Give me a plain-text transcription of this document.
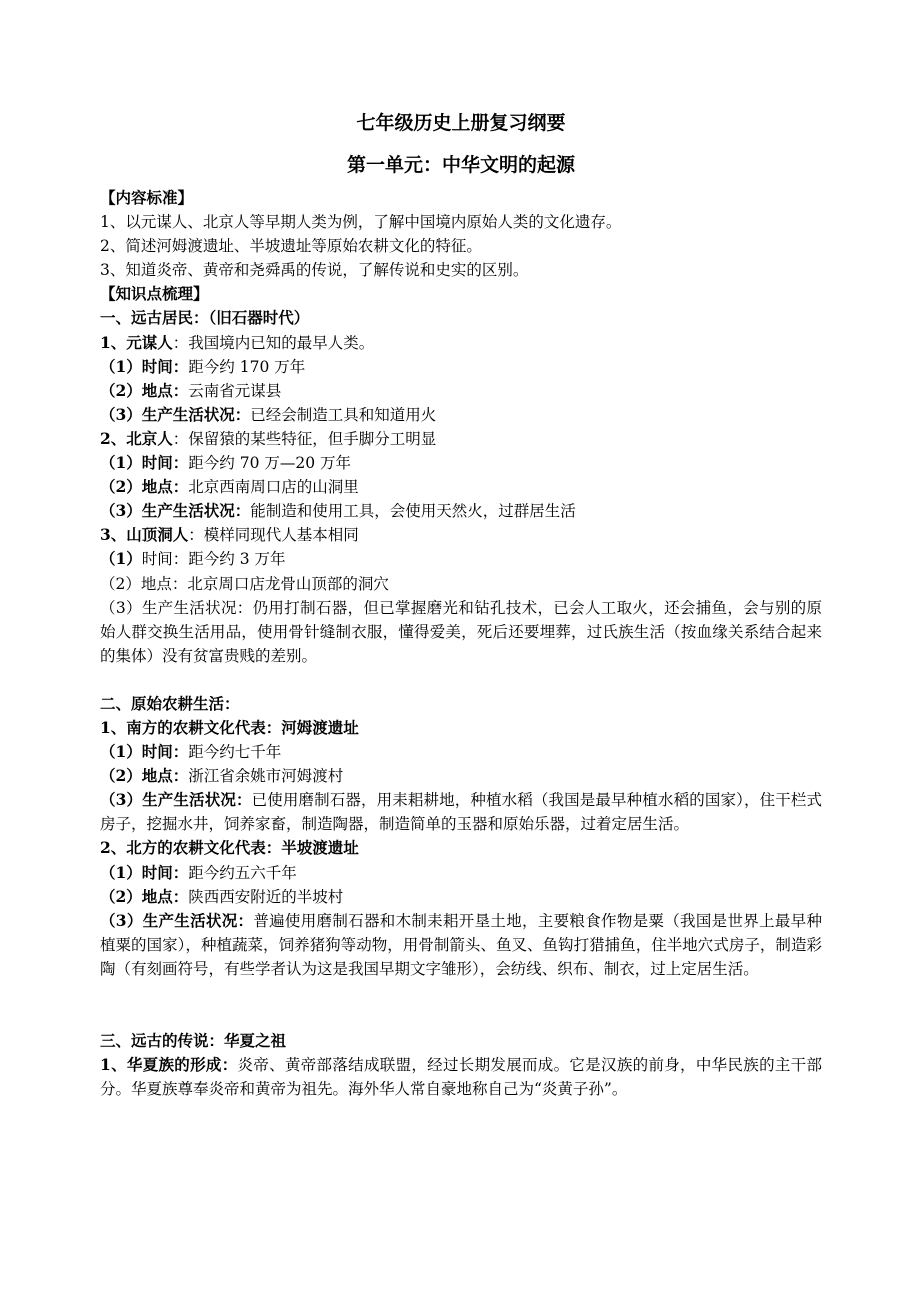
七年级历史上册复习纲要
第一单元：中华文明的起源

【内容标准】

1、以元谋人、北京人等早期人类为例，了解中国境内原始人类的文化遗存。

2、简述河姆渡遗址、半坡遗址等原始农耕文化的特征。

3、知道炎帝、黄帝和尧舜禹的传说，了解传说和史实的区别。

【知识点梳理】

一、远古居民：（旧石器时代）

1、元谋人：我国境内已知的最早人类。

（1）时间：距今约 170 万年

（2）地点：云南省元谋县

（3）生产生活状况：已经会制造工具和知道用火

2、北京人：保留猿的某些特征，但手脚分工明显

（1）时间：距今约 70 万—20 万年

（2）地点：北京西南周口店的山洞里

（3）生产生活状况：能制造和使用工具，会使用天然火，过群居生活

3、山顶洞人：模样同现代人基本相同

（1）时间：距今约 3 万年

（2）地点：北京周口店龙骨山顶部的洞穴

（3）生产生活状况：仍用打制石器，但已掌握磨光和钻孔技术，已会人工取火，还会捕鱼，会与别的原始人群交换生活用品，使用骨针缝制衣服，懂得爱美，死后还要埋葬，过氏族生活（按血缘关系结合起来的集体）没有贫富贵贱的差别。

二、原始农耕生活：

1、南方的农耕文化代表：河姆渡遗址

（1）时间：距今约七千年

（2）地点：浙江省余姚市河姆渡村

（3）生产生活状况：已使用磨制石器，用耒耜耕地，种植水稻（我国是最早种植水稻的国家），住干栏式房子，挖掘水井，饲养家畜，制造陶器，制造简单的玉器和原始乐器，过着定居生活。

2、北方的农耕文化代表：半坡渡遗址

（1）时间：距今约五六千年

（2）地点：陕西西安附近的半坡村

（3）生产生活状况：普遍使用磨制石器和木制耒耜开垦土地，主要粮食作物是粟（我国是世界上最早种植粟的国家），种植蔬菜，饲养猪狗等动物，用骨制箭头、鱼叉、鱼钩打猎捕鱼，住半地穴式房子，制造彩陶（有刻画符号，有些学者认为这是我国早期文字雏形），会纺线、织布、制衣，过上定居生活。

三、远古的传说：华夏之祖

1、华夏族的形成：炎帝、黄帝部落结成联盟，经过长期发展而成。它是汉族的前身，中华民族的主干部分。华夏族尊奉炎帝和黄帝为祖先。海外华人常自豪地称自己为“炎黄子孙”。
